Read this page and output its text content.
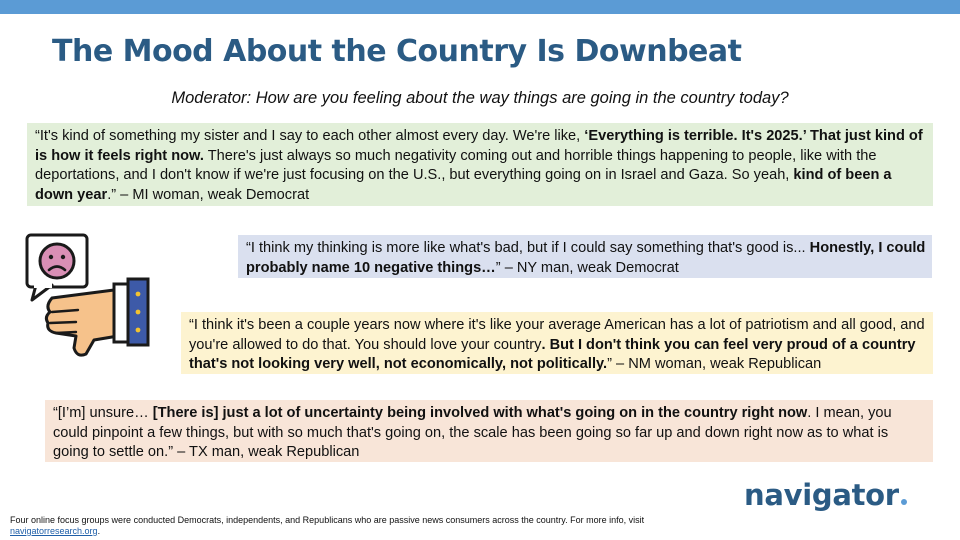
The Mood About the Country Is Downbeat
Moderator: How are you feeling about the way things are going in the country today?
“It's kind of something my sister and I say to each other almost every day. We're like, ‘Everything is terrible. It's 2025.’ That just kind of is how it feels right now. There's just always so much negativity coming out and horrible things happening to people, like with the deportations, and I don't know if we're just focusing on the U.S., but everything going on in Israel and Gaza. So yeah, kind of been a down year.” – MI woman, weak Democrat
“I think my thinking is more like what's bad, but if I could say something that's good is... Honestly, I could probably name 10 negative things…” – NY man, weak Democrat
“I think it's been a couple years now where it's like your average American has a lot of patriotism and all good, and you're allowed to do that. You should love your country. But I don't think you can feel very proud of a country that's not looking very well, not economically, not politically.” – NM woman, weak Republican
“[I’m] unsure… [There is] just a lot of uncertainty being involved with what's going on in the country right now. I mean, you could pinpoint a few things, but with so much that's going on, the scale has been going so far up and down right now as to what is going to settle on.” – TX man, weak Republican
navigator
Four online focus groups were conducted Democrats, independents, and Republicans who are passive news consumers across the country. For more info, visit navigatorresearch.org.
